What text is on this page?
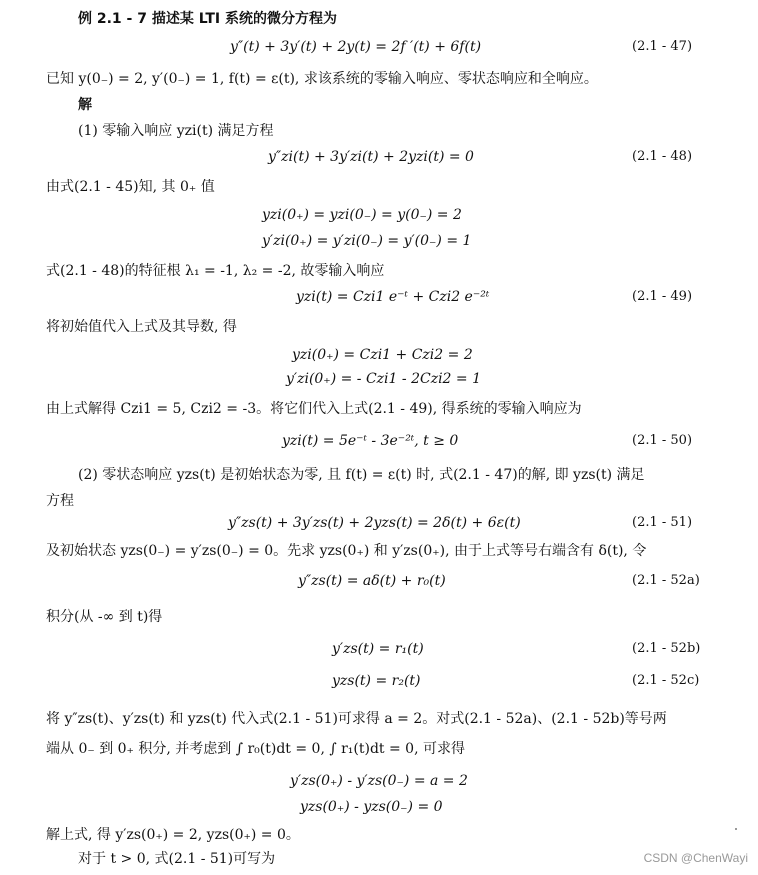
例 2.1 - 7 描述某 LTI 系统的微分方程为
y″(t) + 3y′(t) + 2y(t) = 2f ′(t) + 6f(t)	(2.1 - 47)
已知 y(0₋) = 2, y′(0₋) = 1, f(t) = ε(t), 求该系统的零输入响应、零状态响应和全响应。
解
(1) 零输入响应 yzi(t) 满足方程
y″zi(t) + 3y′zi(t) + 2yzi(t) = 0	(2.1 - 48)
由式(2.1 - 45)知, 其 0₊ 值
yzi(0₊) = yzi(0₋) = y(0₋) = 2
y′zi(0₊) = y′zi(0₋) = y′(0₋) = 1
式(2.1 - 48)的特征根 λ₁ = -1, λ₂ = -2, 故零输入响应
yzi(t) = Czi1 e⁻ᵗ + Czi2 e⁻²ᵗ	(2.1 - 49)
将初始值代入上式及其导数, 得
yzi(0₊) = Czi1 + Czi2 = 2
y′zi(0₊) = - Czi1 - 2Czi2 = 1
由上式解得 Czi1 = 5, Czi2 = -3。将它们代入上式(2.1 - 49), 得系统的零输入响应为
yzi(t) = 5e⁻ᵗ - 3e⁻²ᵗ, t ≥ 0	(2.1 - 50)
(2) 零状态响应 yzs(t) 是初始状态为零, 且 f(t) = ε(t) 时, 式(2.1 - 47)的解, 即 yzs(t) 满足
方程
y″zs(t) + 3y′zs(t) + 2yzs(t) = 2δ(t) + 6ε(t)	(2.1 - 51)
及初始状态 yzs(0₋) = y′zs(0₋) = 0。先求 yzs(0₊) 和 y′zs(0₊), 由于上式等号右端含有 δ(t), 令
y″zs(t) = aδ(t) + r₀(t)	(2.1 - 52a)
积分(从 -∞ 到 t)得
y′zs(t) = r₁(t)	(2.1 - 52b)
yzs(t) = r₂(t)	(2.1 - 52c)
将 y″zs(t)、y′zs(t) 和 yzs(t) 代入式(2.1 - 51)可求得 a = 2。对式(2.1 - 52a)、(2.1 - 52b)等号两
端从 0₋ 到 0₊ 积分, 并考虑到 ∫ r₀(t)dt = 0, ∫ r₁(t)dt = 0, 可求得
y′zs(0₊) - y′zs(0₋) = a = 2
yzs(0₊) - yzs(0₋) = 0
解上式, 得 y′zs(0₊) = 2, yzs(0₊) = 0。
对于 t > 0, 式(2.1 - 51)可写为	CSDN @ChenWayi
